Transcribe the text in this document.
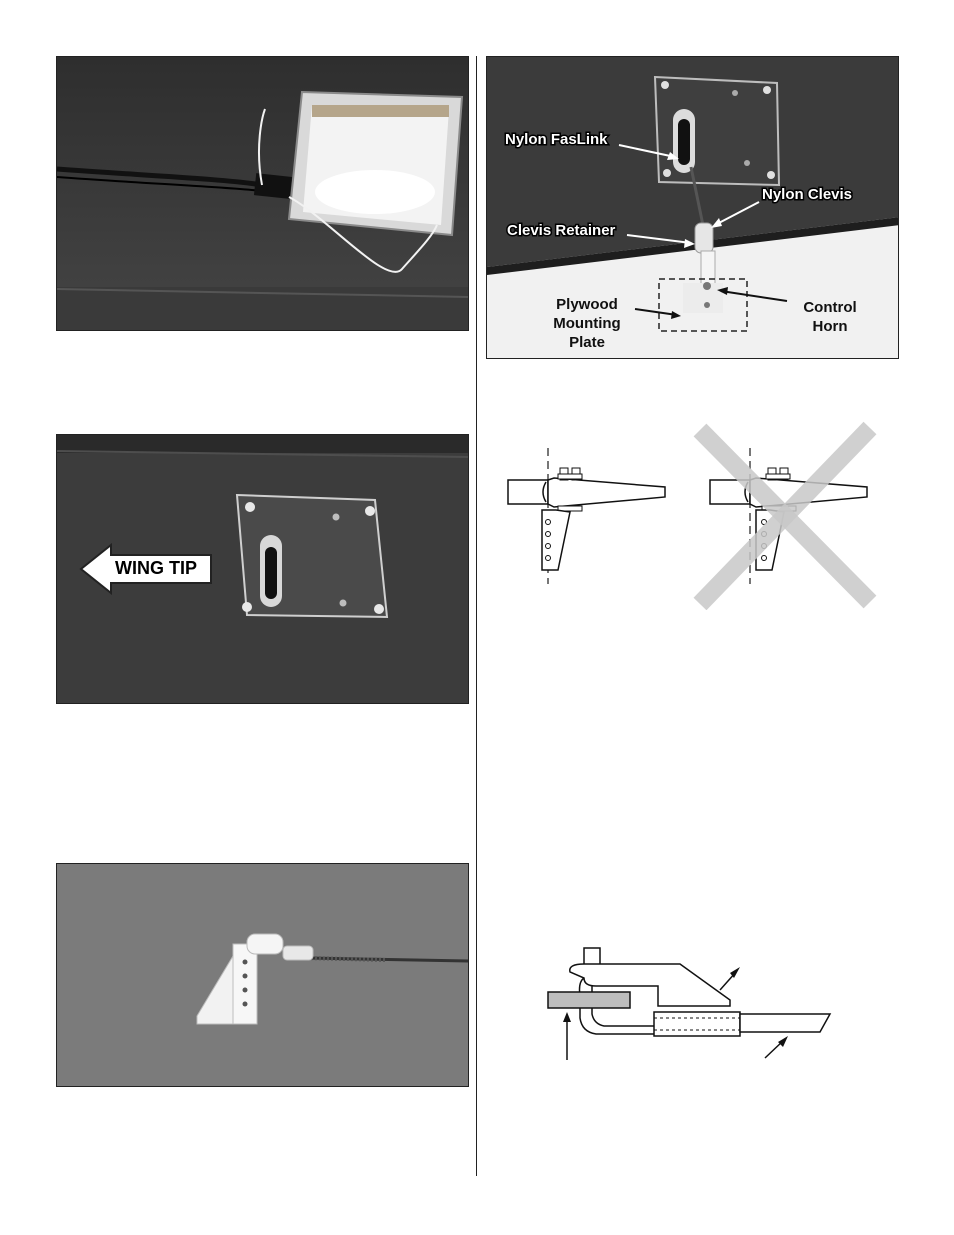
WING TIP
Nylon FasLink
Nylon Clevis
Clevis Retainer
Plywood
Mounting
Plate
Control
Horn
